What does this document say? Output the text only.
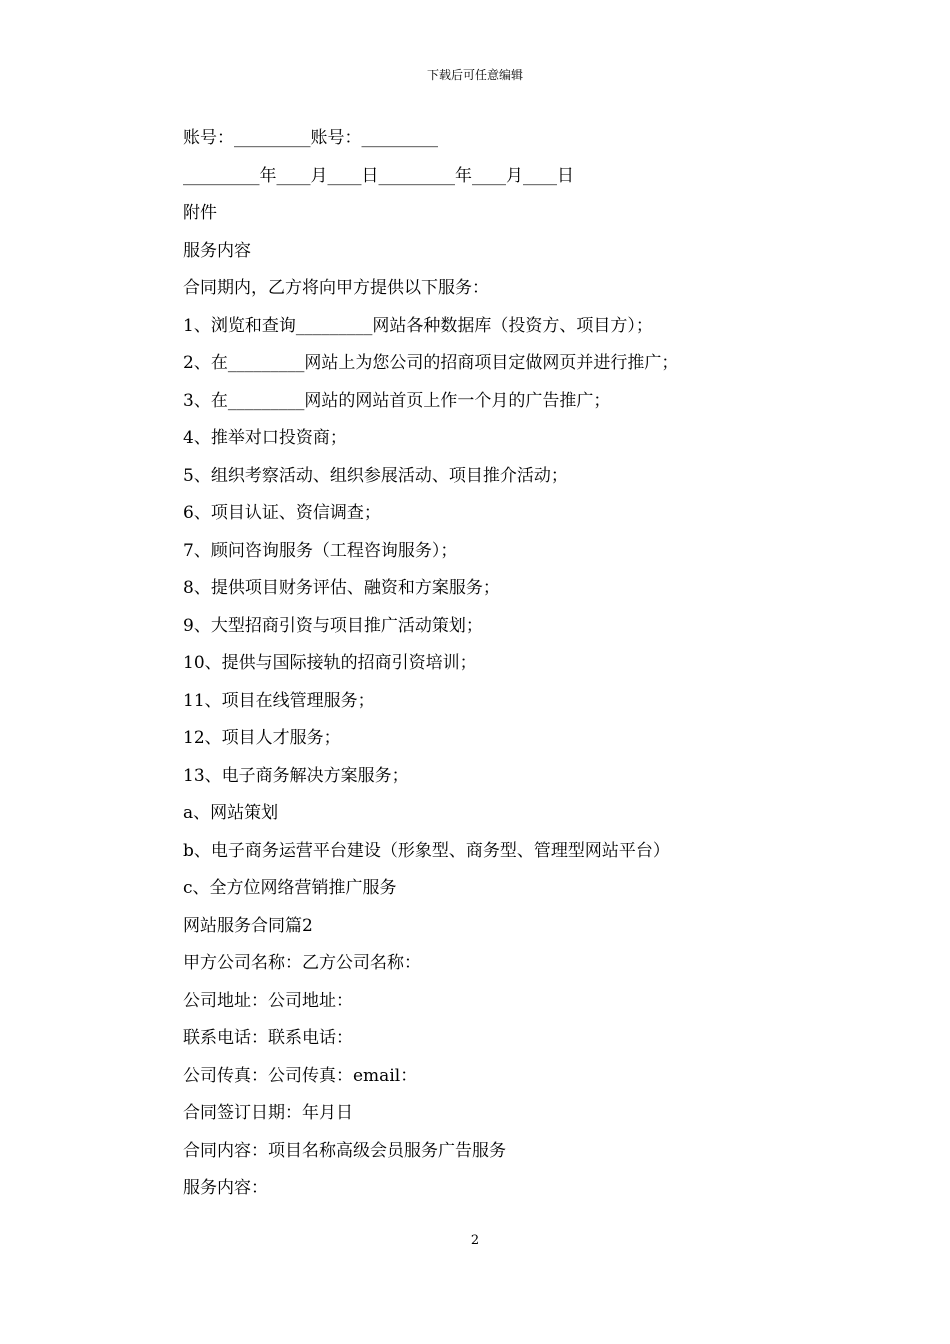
下载后可任意编辑
账号：_________账号：_________
_________年____月____日_________年____月____日
附件
服务内容
合同期内，乙方将向甲方提供以下服务：
1、浏览和查询_________网站各种数据库（投资方、项目方）；
2、在_________网站上为您公司的招商项目定做网页并进行推广；
3、在_________网站的网站首页上作一个月的广告推广；
4、推举对口投资商；
5、组织考察活动、组织参展活动、项目推介活动；
6、项目认证、资信调查；
7、顾问咨询服务（工程咨询服务）；
8、提供项目财务评估、融资和方案服务；
9、大型招商引资与项目推广活动策划；
10、提供与国际接轨的招商引资培训；
11、项目在线管理服务；
12、项目人才服务；
13、电子商务解决方案服务；
a、网站策划
b、电子商务运营平台建设（形象型、商务型、管理型网站平台）
c、全方位网络营销推广服务
网站服务合同篇2
甲方公司名称：乙方公司名称：
公司地址：公司地址：
联系电话：联系电话：
公司传真：公司传真：email：
合同签订日期：年月日
合同内容：项目名称高级会员服务广告服务
服务内容：
2
